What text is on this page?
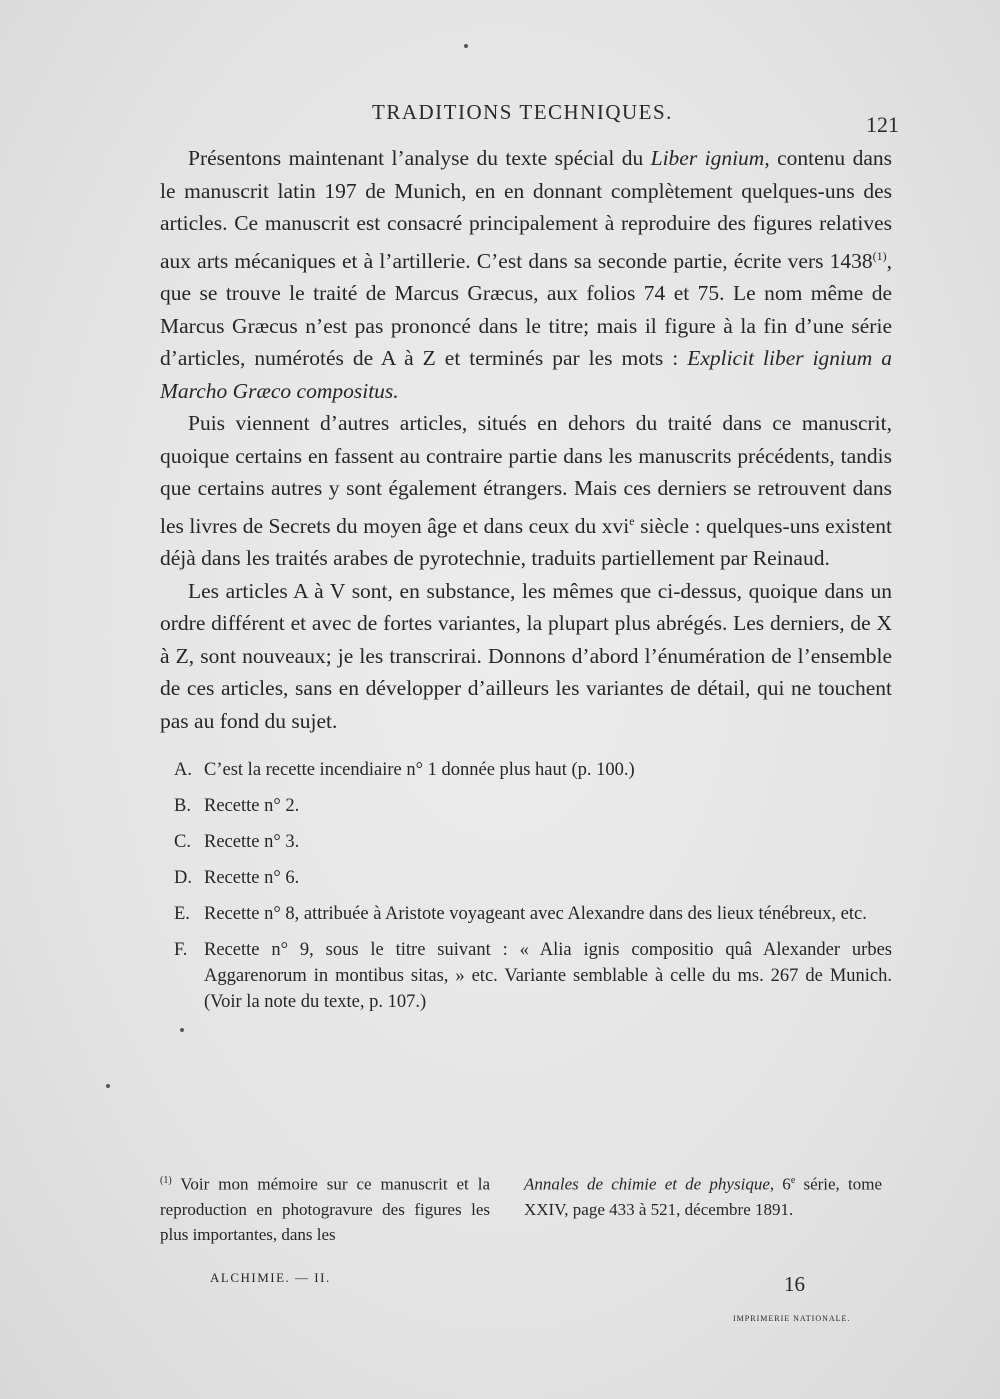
TRADITIONS TECHNIQUES.	121

Présentons maintenant l’analyse du texte spécial du Liber ignium, contenu dans le manuscrit latin 197 de Munich, en en donnant complètement quelques-uns des articles. Ce manuscrit est consacré principalement à reproduire des figures relatives aux arts mécaniques et à l’artillerie. C’est dans sa seconde partie, écrite vers 1438$^{(1)}$, que se trouve le traité de Marcus Græcus, aux folios 74 et 75. Le nom même de Marcus Græcus n’est pas prononcé dans le titre; mais il figure à la fin d’une série d’articles, numérotés de A à Z et terminés par les mots : Explicit liber ignium a Marcho Græco compositus.

Puis viennent d’autres articles, situés en dehors du traité dans ce manuscrit, quoique certains en fassent au contraire partie dans les manuscrits précédents, tandis que certains autres y sont également étrangers. Mais ces derniers se retrouvent dans les livres de Secrets du moyen âge et dans ceux du xvi$^e$ siècle : quelques-uns existent déjà dans les traités arabes de pyrotechnie, traduits partiellement par Reinaud.

Les articles A à V sont, en substance, les mêmes que ci-dessus, quoique dans un ordre différent et avec de fortes variantes, la plupart plus abrégés. Les derniers, de X à Z, sont nouveaux; je les transcrirai. Donnons d’abord l’énumération de l’ensemble de ces articles, sans en développer d’ailleurs les variantes de détail, qui ne touchent pas au fond du sujet.

A. C’est la recette incendiaire n° 1 donnée plus haut (p. 100.)
B. Recette n° 2.
C. Recette n° 3.
D. Recette n° 6.
E. Recette n° 8, attribuée à Aristote voyageant avec Alexandre dans des lieux ténébreux, etc.
F. Recette n° 9, sous le titre suivant : « Alia ignis compositio quâ Alexander urbes Aggarenorum in montibus sitas, » etc. Variante semblable à celle du ms. 267 de Munich. (Voir la note du texte, p. 107.)
$^{(1)}$ Voir mon mémoire sur ce manuscrit et la reproduction en photogravure des figures les plus importantes, dans les
Annales de chimie et de physique, 6e série, tome XXIV, page 433 à 521, décembre 1891.
ALCHIMIE. — II.	16
IMPRIMERIE NATIONALE.
